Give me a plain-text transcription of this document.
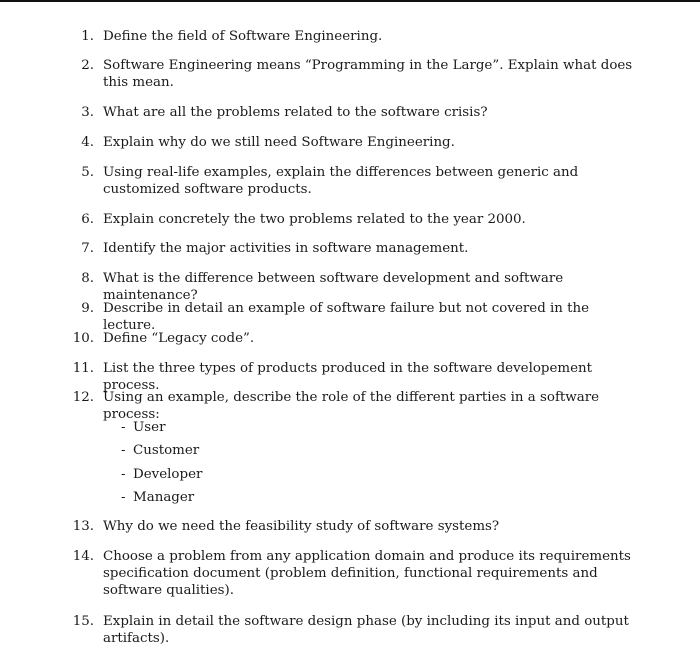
1. Define the field of Software Engineering.
2. Software Engineering means “Programming in the Large”. Explain what does this mean.
3. What are all the problems related to the software crisis?
4. Explain why do we still need Software Engineering.
5. Using real-life examples, explain the differences between generic and customized software products.
6. Explain concretely the two problems related to the year 2000.
7. Identify the major activities in software management.
8. What is the difference between software development and software maintenance?
9. Describe in detail an example of software failure but not covered in the lecture.
10. Define “Legacy code”.
11. List the three types of products produced in the software developement process.
12. Using an example, describe the role of the different parties in a software process:
- User
- Customer
- Developer
- Manager
13. Why do we need the feasibility study of software systems?
14. Choose a problem from any application domain and produce its requirements specification document (problem definition, functional requirements and software qualities).
15. Explain in detail the software design phase (by including its input and output artifacts).
